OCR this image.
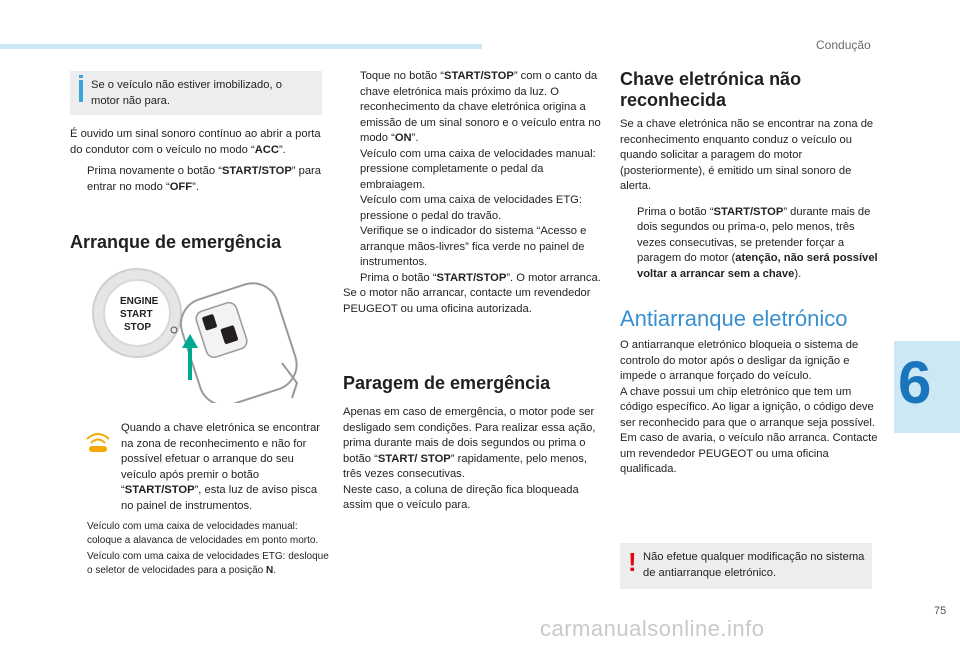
Condução
6
75
carmanualsonline.info
Se o veículo não estiver imobilizado, o motor não para.

É ouvido um sinal sonoro contínuo ao abrir a porta do condutor com o veículo no modo “ACC”.

Prima novamente o botão “START/STOP” para entrar no modo “OFF”.
Arranque de emergência
ENGINE
START
STOP

Quando a chave eletrónica se encontrar na zona de reconhecimento e não for possível efetuar o arranque do seu veículo após premir o botão “START/STOP”, esta luz de aviso pisca no painel de instrumentos.

Veículo com uma caixa de velocidades manual: coloque a alavanca de velocidades em ponto morto.
Veículo com uma caixa de velocidades ETG: desloque o seletor de velocidades para a posição N.
Toque no botão “START/STOP” com o canto da chave eletrónica mais próximo da luz. O reconhecimento da chave eletrónica origina a emissão de um sinal sonoro e o veículo entra no modo “ON”.
Veículo com uma caixa de velocidades manual: pressione completamente o pedal da embraiagem.
Veículo com uma caixa de velocidades ETG: pressione o pedal do travão.
Verifique se o indicador do sistema “Acesso e arranque mãos-livres” fica verde no painel de instrumentos.
Prima o botão “START/STOP”. O motor arranca.

Se o motor não arrancar, contacte um revendedor PEUGEOT ou uma oficina autorizada.

Paragem de emergência

Apenas em caso de emergência, o motor pode ser desligado sem condições. Para realizar essa ação, prima durante mais de dois segundos ou prima o botão “START/ STOP” rapidamente, pelo menos, três vezes consecutivas.

Neste caso, a coluna de direção fica bloqueada assim que o veículo para.

Chave eletrónica não reconhecida

Se a chave eletrónica não se encontrar na zona de reconhecimento enquanto conduz o veículo ou quando solicitar a paragem do motor (posteriormente), é emitido um sinal sonoro de alerta.

Prima o botão “START/STOP” durante mais de dois segundos ou prima-o, pelo menos, três vezes consecutivas, se pretender forçar a paragem do motor (atenção, não será possível voltar a arrancar sem a chave).
Antiarranque eletrónico

O antiarranque eletrónico bloqueia o sistema de controlo do motor após o desligar da ignição e impede o arranque forçado do veículo.

A chave possui um chip eletrónico que tem um código específico. Ao ligar a ignição, o código deve ser reconhecido para que o arranque seja possível.

Em caso de avaria, o veículo não arranca. Contacte um revendedor PEUGEOT ou uma oficina qualificada.

! Não efetue qualquer modificação no sistema de antiarranque eletrónico.
